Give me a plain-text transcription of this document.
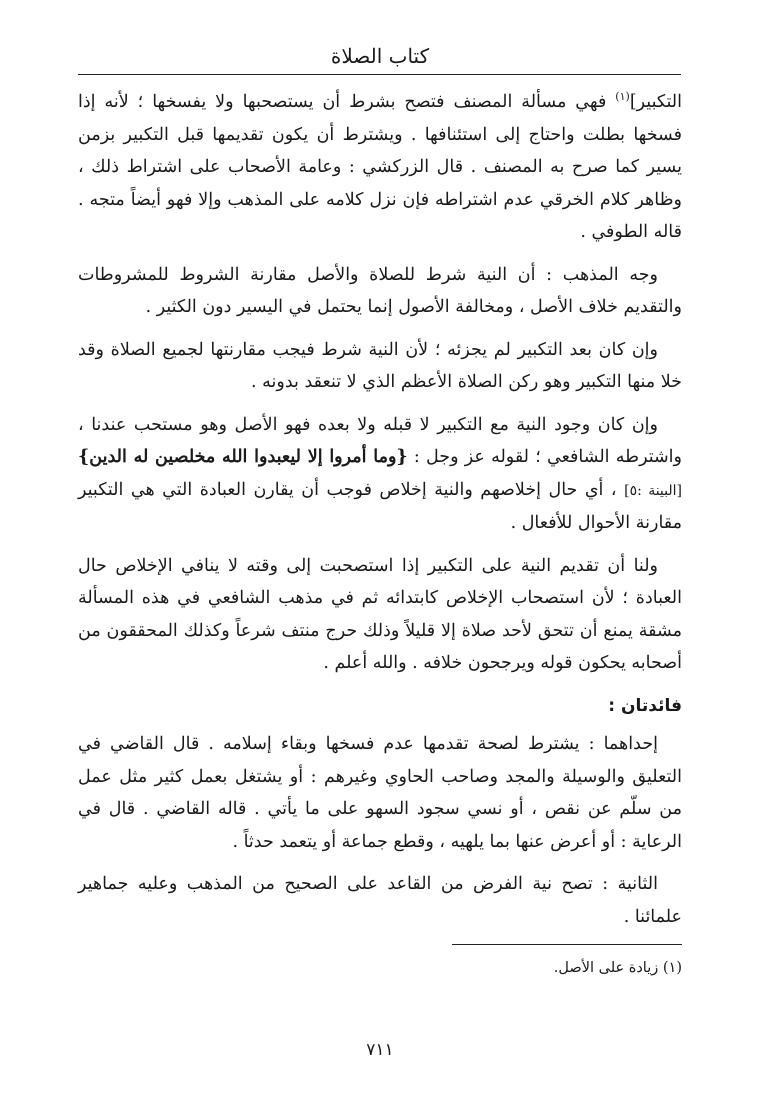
كتاب الصلاة

التكبير]$^{(١)}$ فهي مسألة المصنف فتصح بشرط أن يستصحبها ولا يفسخها ؛ لأنه إذا فسخها بطلت واحتاج إلى استئنافها . ويشترط أن يكون تقديمها قبل التكبير بزمن يسير كما صرح به المصنف . قال الزركشي : وعامة الأصحاب على اشتراط ذلك ، وظاهر كلام الخرقي عدم اشتراطه فإن نزل كلامه على المذهب وإلا فهو أيضاً متجه . قاله الطوفي .

وجه المذهب : أن النية شرط للصلاة والأصل مقارنة الشروط للمشروطات والتقديم خلاف الأصل ، ومخالفة الأصول إنما يحتمل في اليسير دون الكثير .

وإن كان بعد التكبير لم يجزئه ؛ لأن النية شرط فيجب مقارنتها لجميع الصلاة وقد خلا منها التكبير وهو ركن الصلاة الأعظم الذي لا تنعقد بدونه .

وإن كان وجود النية مع التكبير لا قبله ولا بعده فهو الأصل وهو مستحب عندنا ، واشترطه الشافعي ؛ لقوله عز وجل : {وما أمروا إلا ليعبدوا الله مخلصين له الدين}[البينة :٥] ، أي حال إخلاصهم والنية إخلاص فوجب أن يقارن العبادة التي هي التكبير مقارنة الأحوال للأفعال .

ولنا أن تقديم النية على التكبير إذا استصحبت إلى وقته لا ينافي الإخلاص حال العبادة ؛ لأن استصحاب الإخلاص كابتدائه ثم في مذهب الشافعي في هذه المسألة مشقة يمنع أن تتحق لأحد صلاة إلا قليلاً وذلك حرج منتف شرعاً وكذلك المحققون من أصحابه يحكون قوله ويرجحون خلافه . والله أعلم .

فائدتان :

إحداهما : يشترط لصحة تقدمها عدم فسخها وبقاء إسلامه . قال القاضي في التعليق والوسيلة والمجد وصاحب الحاوي وغيرهم : أو يشتغل بعمل كثير مثل عمل من سلّم عن نقص ، أو نسي سجود السهو على ما يأتي . قاله القاضي . قال في الرعاية : أو أعرض عنها بما يلهيه ، وقطع جماعة أو يتعمد حدثاً .

الثانية : تصح نية الفرض من القاعد على الصحيح من المذهب وعليه جماهير علمائنا .

(١) زيادة على الأصل.
٧١١
